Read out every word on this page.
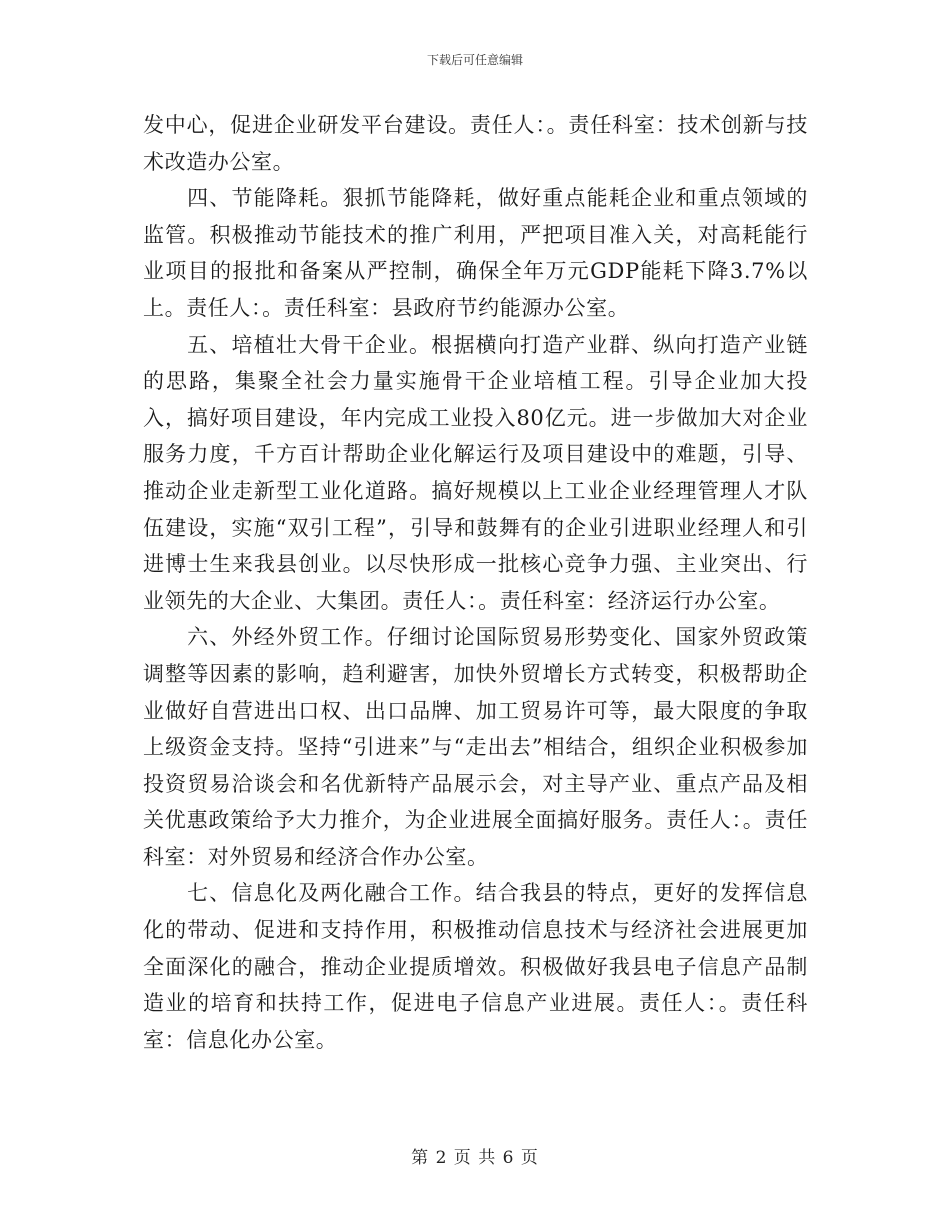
下载后可任意编辑

发中心，促进企业研发平台建设。责任人：。责任科室：技术创新与技术改造办公室。

四、节能降耗。狠抓节能降耗，做好重点能耗企业和重点领域的监管。积极推动节能技术的推广利用，严把项目准入关，对高耗能行业项目的报批和备案从严控制，确保全年万元GDP能耗下降3.7%以上。责任人：。责任科室：县政府节约能源办公室。

五、培植壮大骨干企业。根据横向打造产业群、纵向打造产业链的思路，集聚全社会力量实施骨干企业培植工程。引导企业加大投入，搞好项目建设，年内完成工业投入80亿元。进一步做加大对企业服务力度，千方百计帮助企业化解运行及项目建设中的难题，引导、推动企业走新型工业化道路。搞好规模以上工业企业经理管理人才队伍建设，实施“双引工程”，引导和鼓舞有的企业引进职业经理人和引进博士生来我县创业。以尽快形成一批核心竞争力强、主业突出、行业领先的大企业、大集团。责任人：。责任科室：经济运行办公室。

六、外经外贸工作。仔细讨论国际贸易形势变化、国家外贸政策调整等因素的影响，趋利避害，加快外贸增长方式转变，积极帮助企业做好自营进出口权、出口品牌、加工贸易许可等，最大限度的争取上级资金支持。坚持“引进来”与“走出去”相结合，组织企业积极参加投资贸易洽谈会和名优新特产品展示会，对主导产业、重点产品及相关优惠政策给予大力推介，为企业进展全面搞好服务。责任人：。责任科室：对外贸易和经济合作办公室。

七、信息化及两化融合工作。结合我县的特点，更好的发挥信息化的带动、促进和支持作用，积极推动信息技术与经济社会进展更加全面深化的融合，推动企业提质增效。积极做好我县电子信息产品制造业的培育和扶持工作，促进电子信息产业进展。责任人：。责任科室：信息化办公室。

第 2 页 共 6 页
